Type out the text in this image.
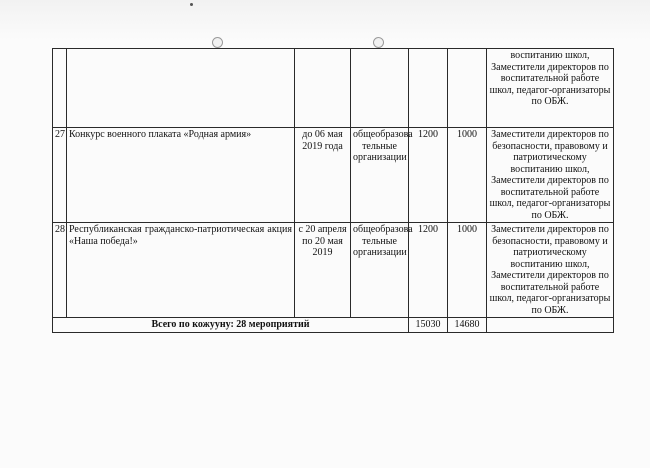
						воспитанию школ, Заместители директоров по воспитательной работе школ, педагог-организаторы по ОБЖ.
27	Конкурс военного плаката «Родная армия»	до 06 мая 2019 года	общеобразова тельные организации	1200	1000	Заместители директоров по безопасности, правовому и патриотическому воспитанию школ, Заместители директоров по воспитательной работе школ, педагог-организаторы по ОБЖ.
28	Республиканская гражданско-патриотическая акция «Наша победа!»	с 20 апреля по 20 мая 2019	общеобразова тельные организации	1200	1000	Заместители директоров по безопасности, правовому и патриотическому воспитанию школ, Заместители директоров по воспитательной работе школ, педагог-организаторы по ОБЖ.
Всего по кожууну: 28 мероприятий				15030	14680	
